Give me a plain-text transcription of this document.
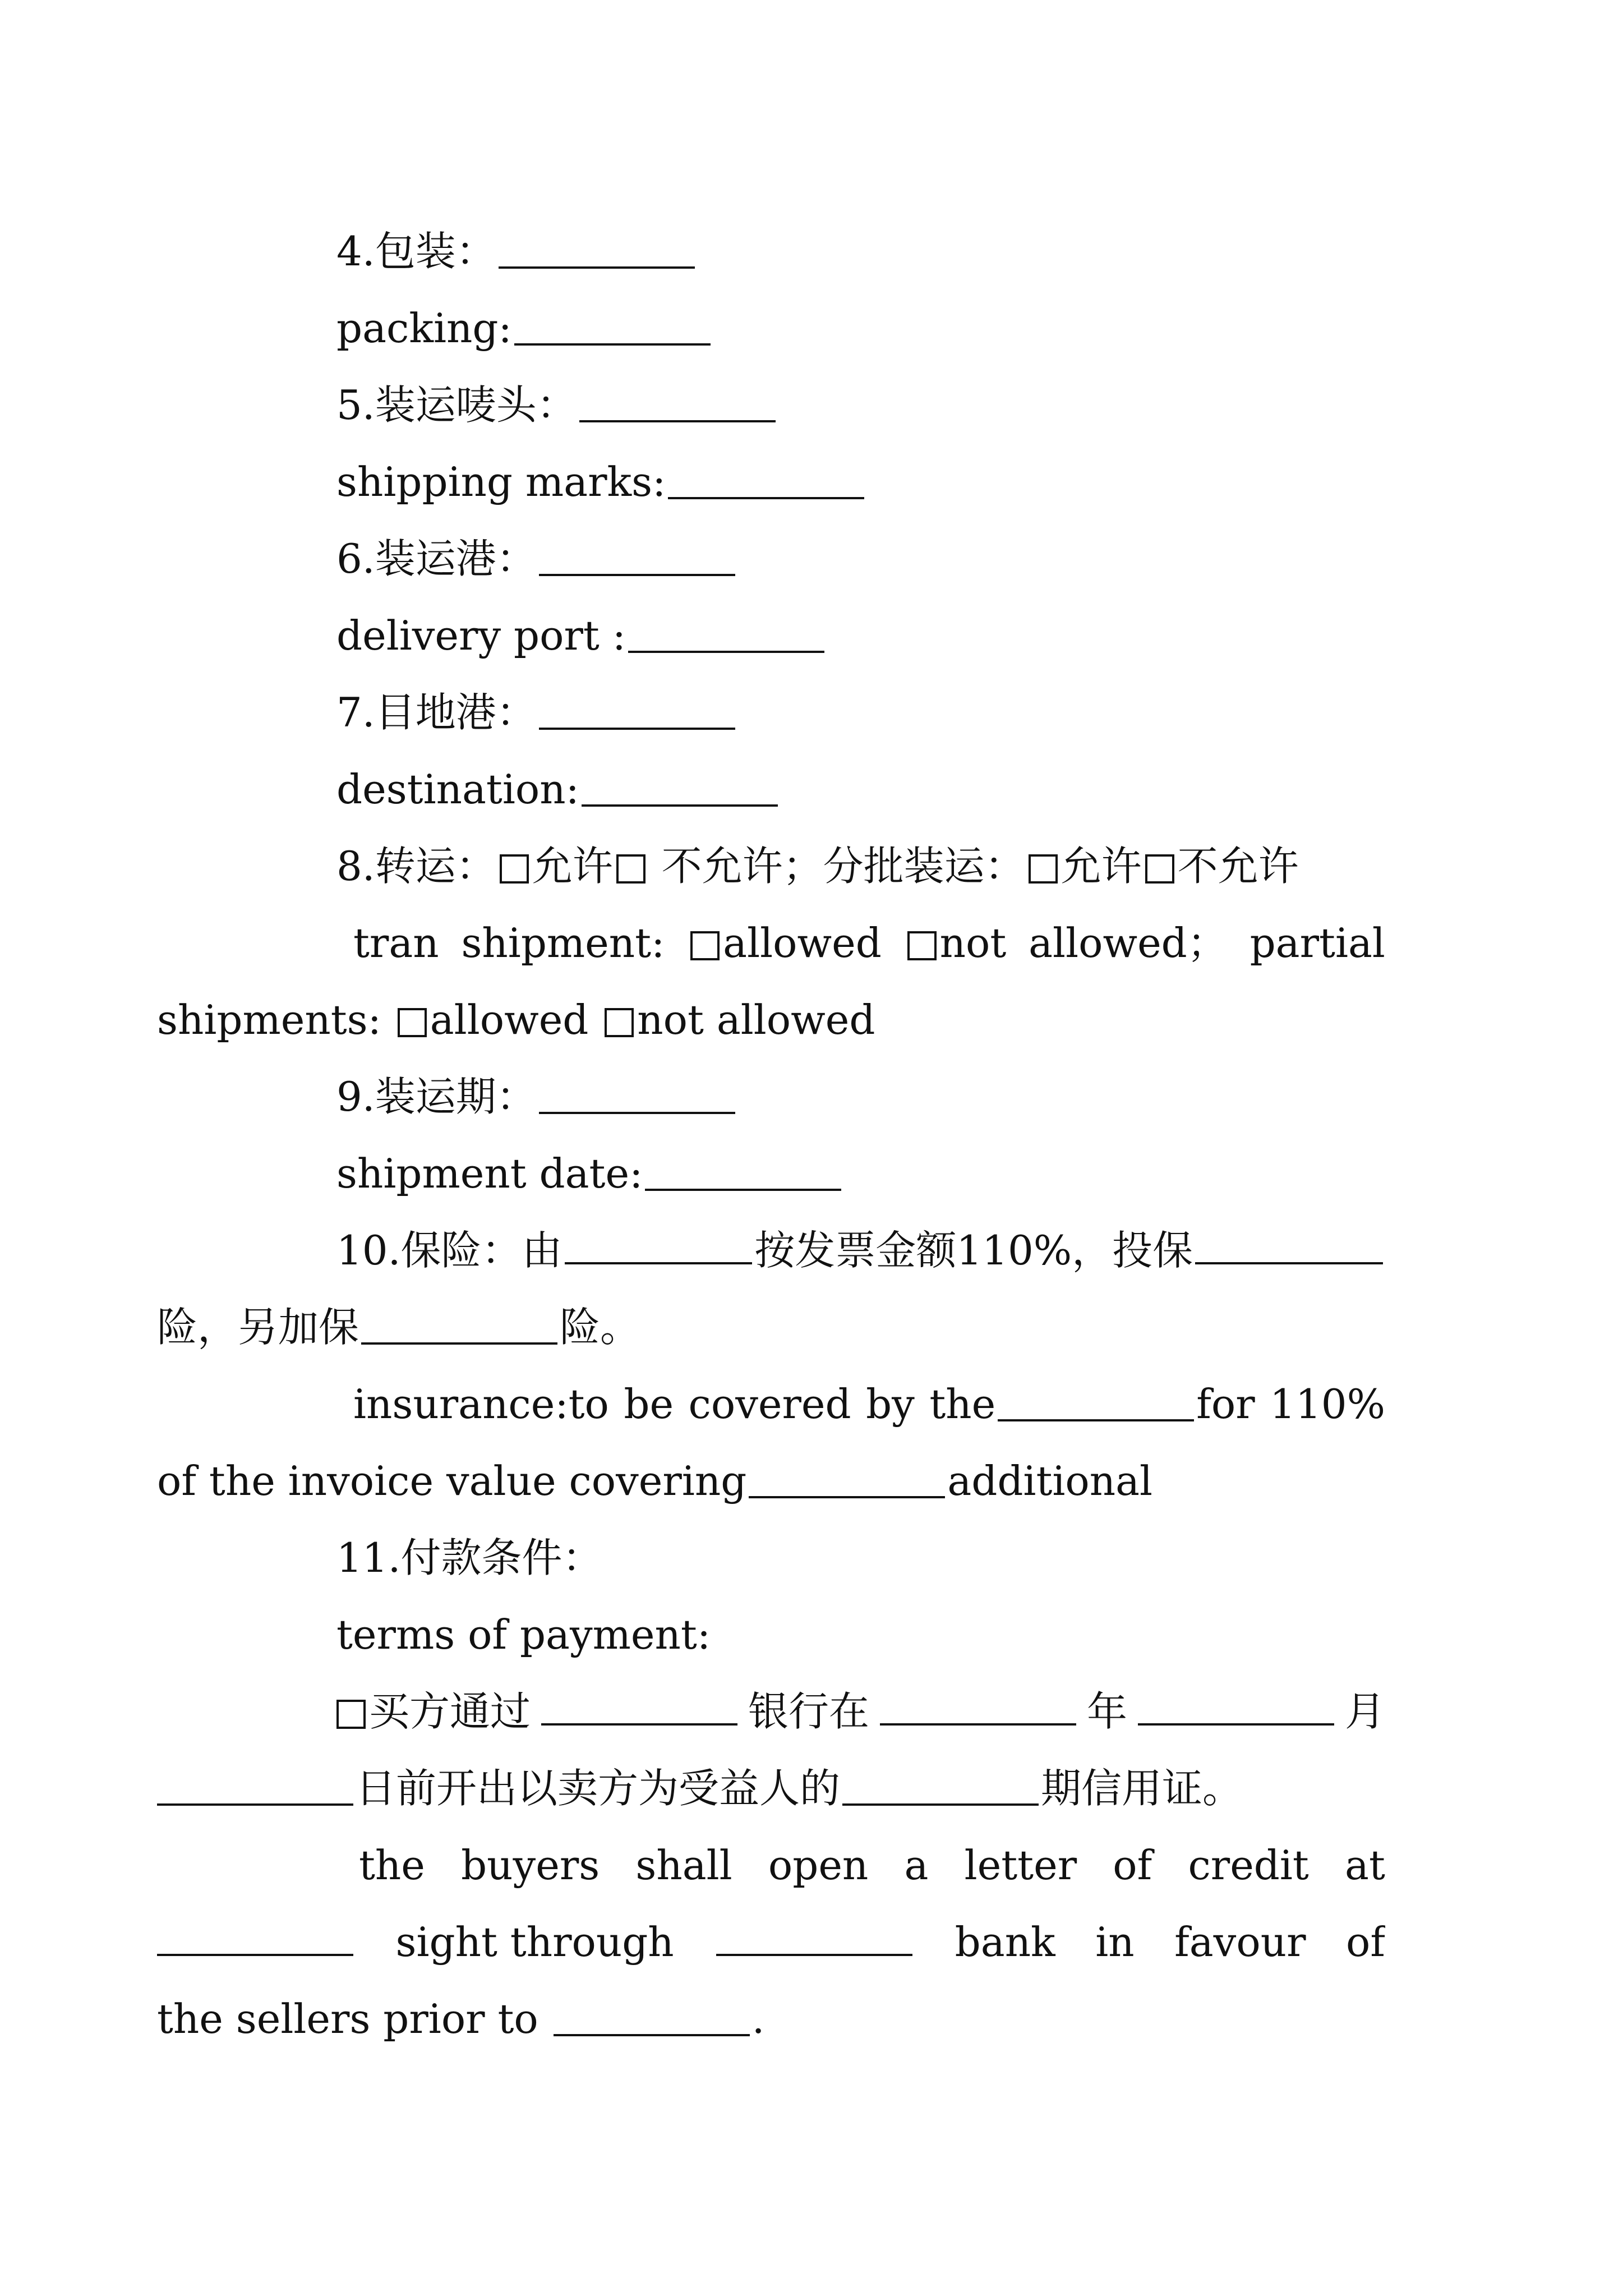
4.包装：
packing:
5.装运唛头：
shipping marks:
6.装运港：
delivery port :
7.目地港：
destination:
8.转运： 允许 不允许；分批装运： 允许 不允许
tran shipment:	allowed	not allowed； partial
shipments: allowed not allowed
9.装运期：
shipment date:
10.保险：由	按发票金额110%，投保
险，另加保	险。
insurance:to be covered by the	for 110%
of the invoice value covering	additional
11.付款条件：
terms of payment:
买方通过	银行在	年	月
日前开出以卖方为受益人的	期信用证。
the buyers shall open a letter of credit at
sight through	bank in favour of
the sellers prior to	.
